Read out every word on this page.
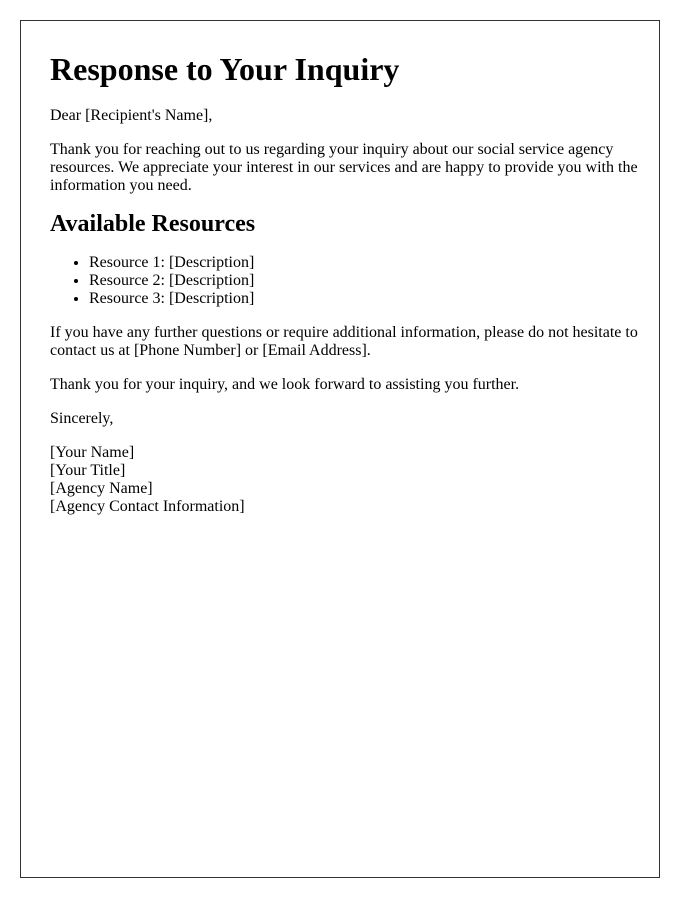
Response to Your Inquiry

Dear [Recipient's Name],

Thank you for reaching out to us regarding your inquiry about our social service agency resources. We appreciate your interest in our services and are happy to provide you with the information you need.

Available Resources
• Resource 1: [Description]
• Resource 2: [Description]
• Resource 3: [Description]

If you have any further questions or require additional information, please do not hesitate to contact us at [Phone Number] or [Email Address].

Thank you for your inquiry, and we look forward to assisting you further.

Sincerely,

[Your Name]
[Your Title]
[Agency Name]
[Agency Contact Information]
